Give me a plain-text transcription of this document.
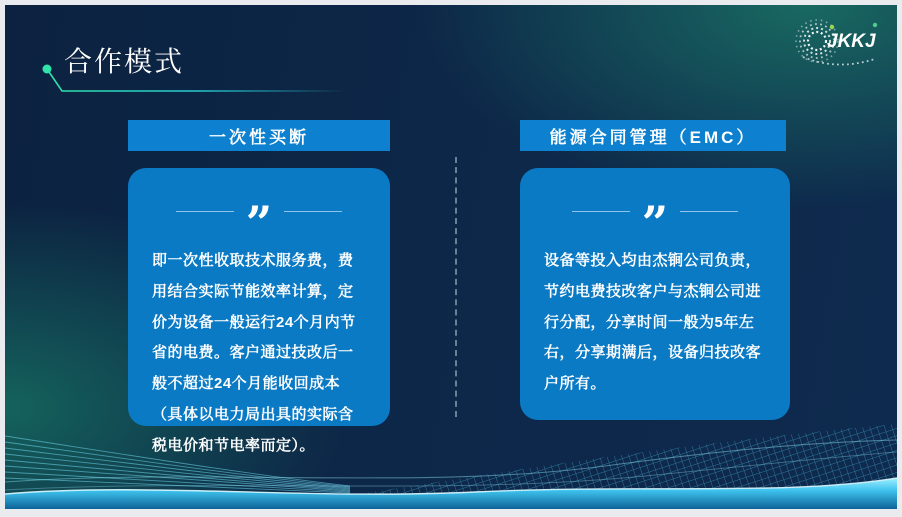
合作模式
JKKJ
一次性买断
”

即一次性收取技术服务费，费用结合实际节能效率计算，定价为设备一般运行24个月内节省的电费。客户通过技改后一般不超过24个月能收回成本（具体以电力局出具的实际含税电价和节电率而定）。

能源合同管理（EMC）
”

设备等投入均由杰锏公司负责，节约电费技改客户与杰锏公司进行分配，分享时间一般为5年左右，分享期满后，设备归技改客户所有。
